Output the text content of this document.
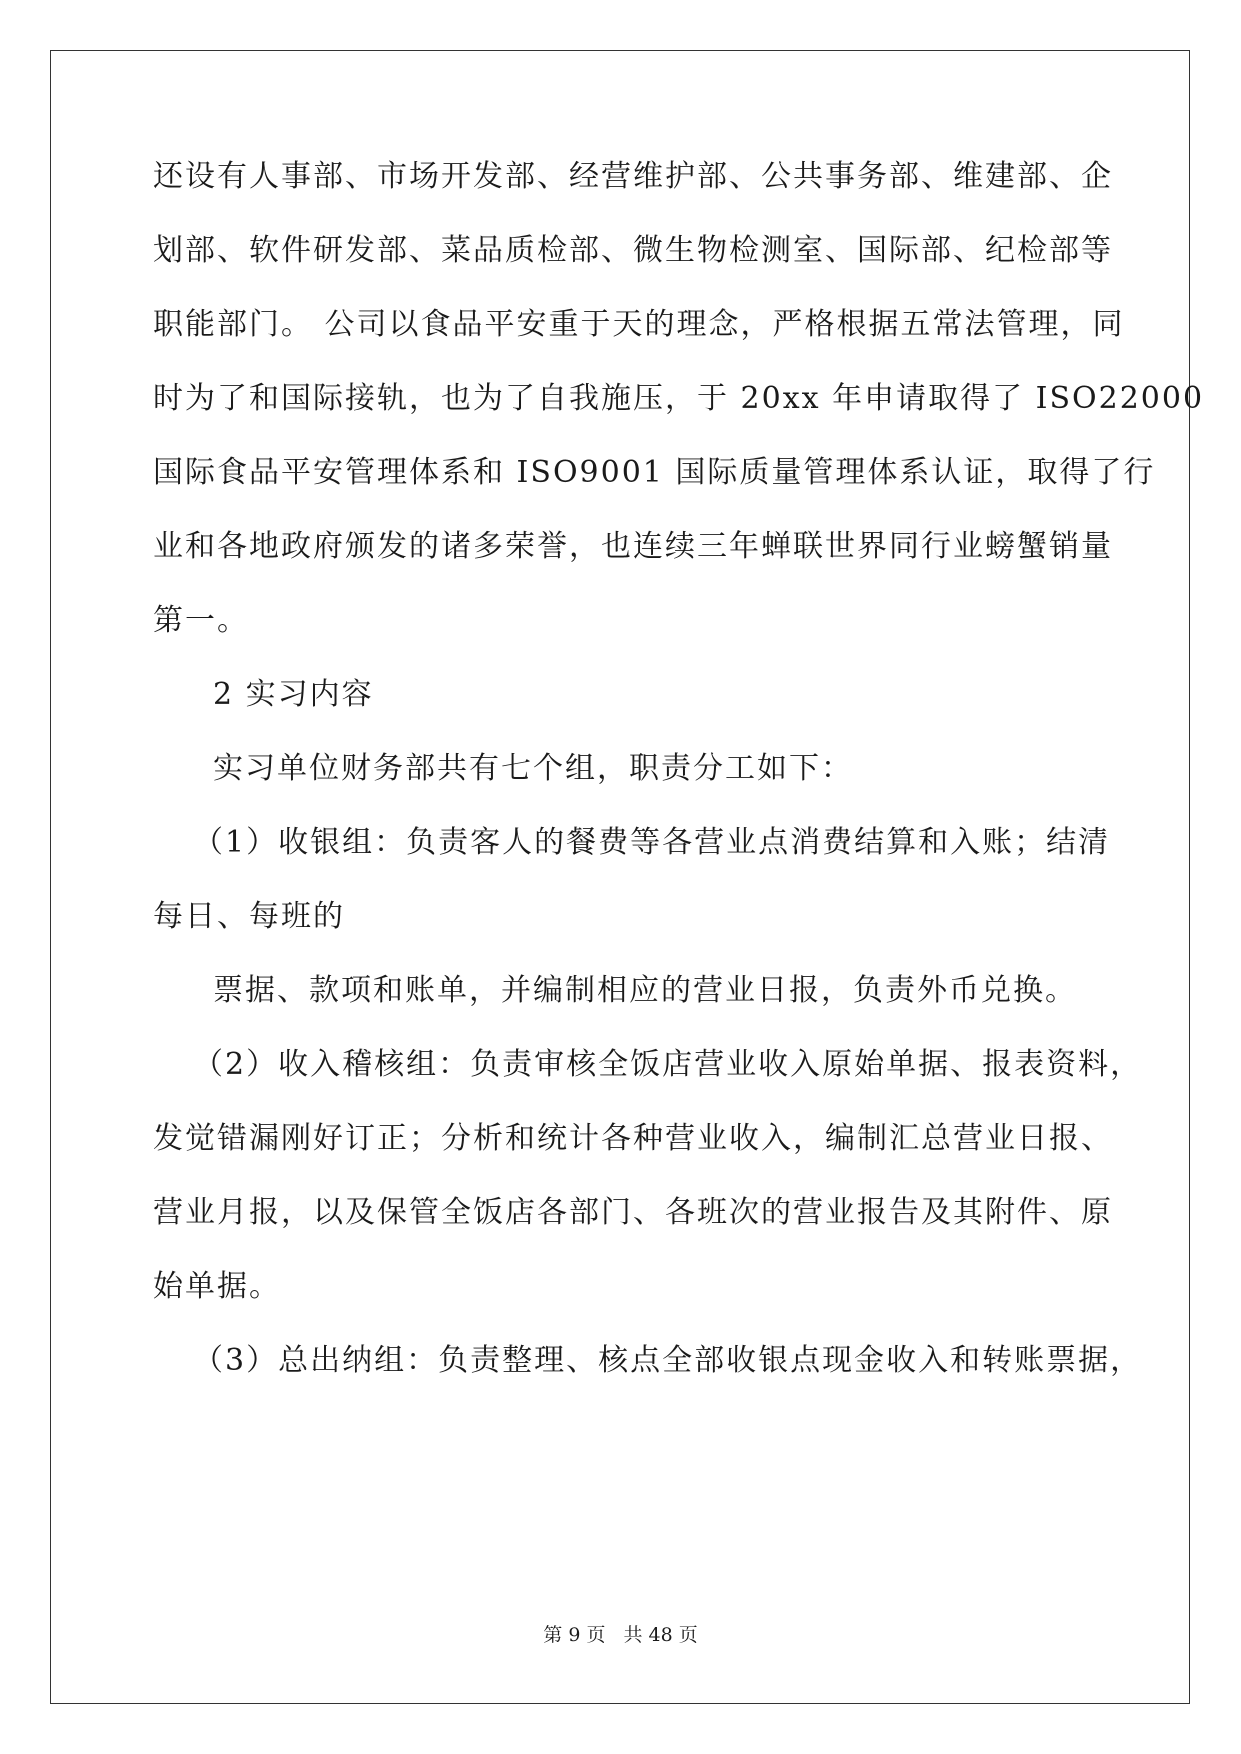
还设有人事部、市场开发部、经营维护部、公共事务部、维建部、企
划部、软件研发部、菜品质检部、微生物检测室、国际部、纪检部等
职能部门。 公司以食品平安重于天的理念，严格根据五常法管理，同
时为了和国际接轨，也为了自我施压，于 20xx 年申请取得了 ISO22000
国际食品平安管理体系和 ISO9001 国际质量管理体系认证，取得了行
业和各地政府颁发的诸多荣誉，也连续三年蝉联世界同行业螃蟹销量
第一。
2 实习内容
实习单位财务部共有七个组，职责分工如下：
（1）收银组：负责客人的餐费等各营业点消费结算和入账；结清
每日、每班的
票据、款项和账单，并编制相应的营业日报，负责外币兑换。
（2）收入稽核组：负责审核全饭店营业收入原始单据、报表资料，
发觉错漏刚好订正；分析和统计各种营业收入，编制汇总营业日报、
营业月报，以及保管全饭店各部门、各班次的营业报告及其附件、原
始单据。
（3）总出纳组：负责整理、核点全部收银点现金收入和转账票据，
第 9 页 共 48 页
